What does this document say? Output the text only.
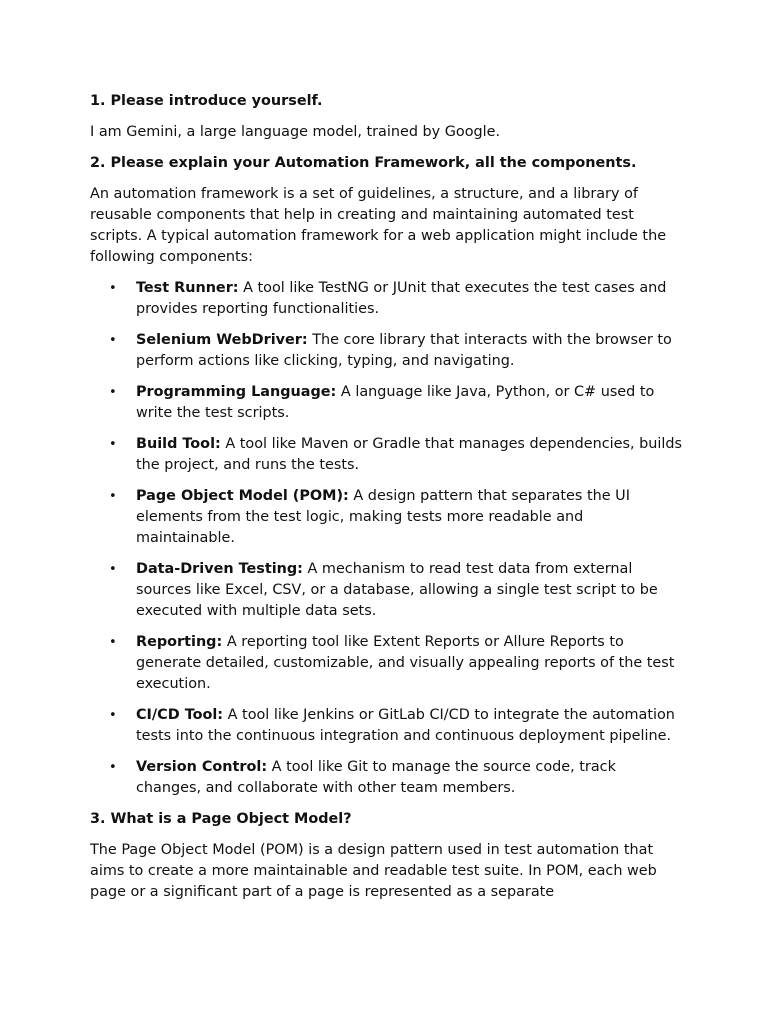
1. Please introduce yourself.

I am Gemini, a large language model, trained by Google.

2. Please explain your Automation Framework, all the components.

An automation framework is a set of guidelines, a structure, and a library of reusable components that help in creating and maintaining automated test scripts. A typical automation framework for a web application might include the following components:

• Test Runner: A tool like TestNG or JUnit that executes the test cases and provides reporting functionalities.
• Selenium WebDriver: The core library that interacts with the browser to perform actions like clicking, typing, and navigating.
• Programming Language: A language like Java, Python, or C# used to write the test scripts.
• Build Tool: A tool like Maven or Gradle that manages dependencies, builds the project, and runs the tests.
• Page Object Model (POM): A design pattern that separates the UI elements from the test logic, making tests more readable and maintainable.
• Data-Driven Testing: A mechanism to read test data from external sources like Excel, CSV, or a database, allowing a single test script to be executed with multiple data sets.
• Reporting: A reporting tool like Extent Reports or Allure Reports to generate detailed, customizable, and visually appealing reports of the test execution.
• CI/CD Tool: A tool like Jenkins or GitLab CI/CD to integrate the automation tests into the continuous integration and continuous deployment pipeline.
• Version Control: A tool like Git to manage the source code, track changes, and collaborate with other team members.

3. What is a Page Object Model?

The Page Object Model (POM) is a design pattern used in test automation that aims to create a more maintainable and readable test suite. In POM, each web page or a significant part of a page is represented as a separate
